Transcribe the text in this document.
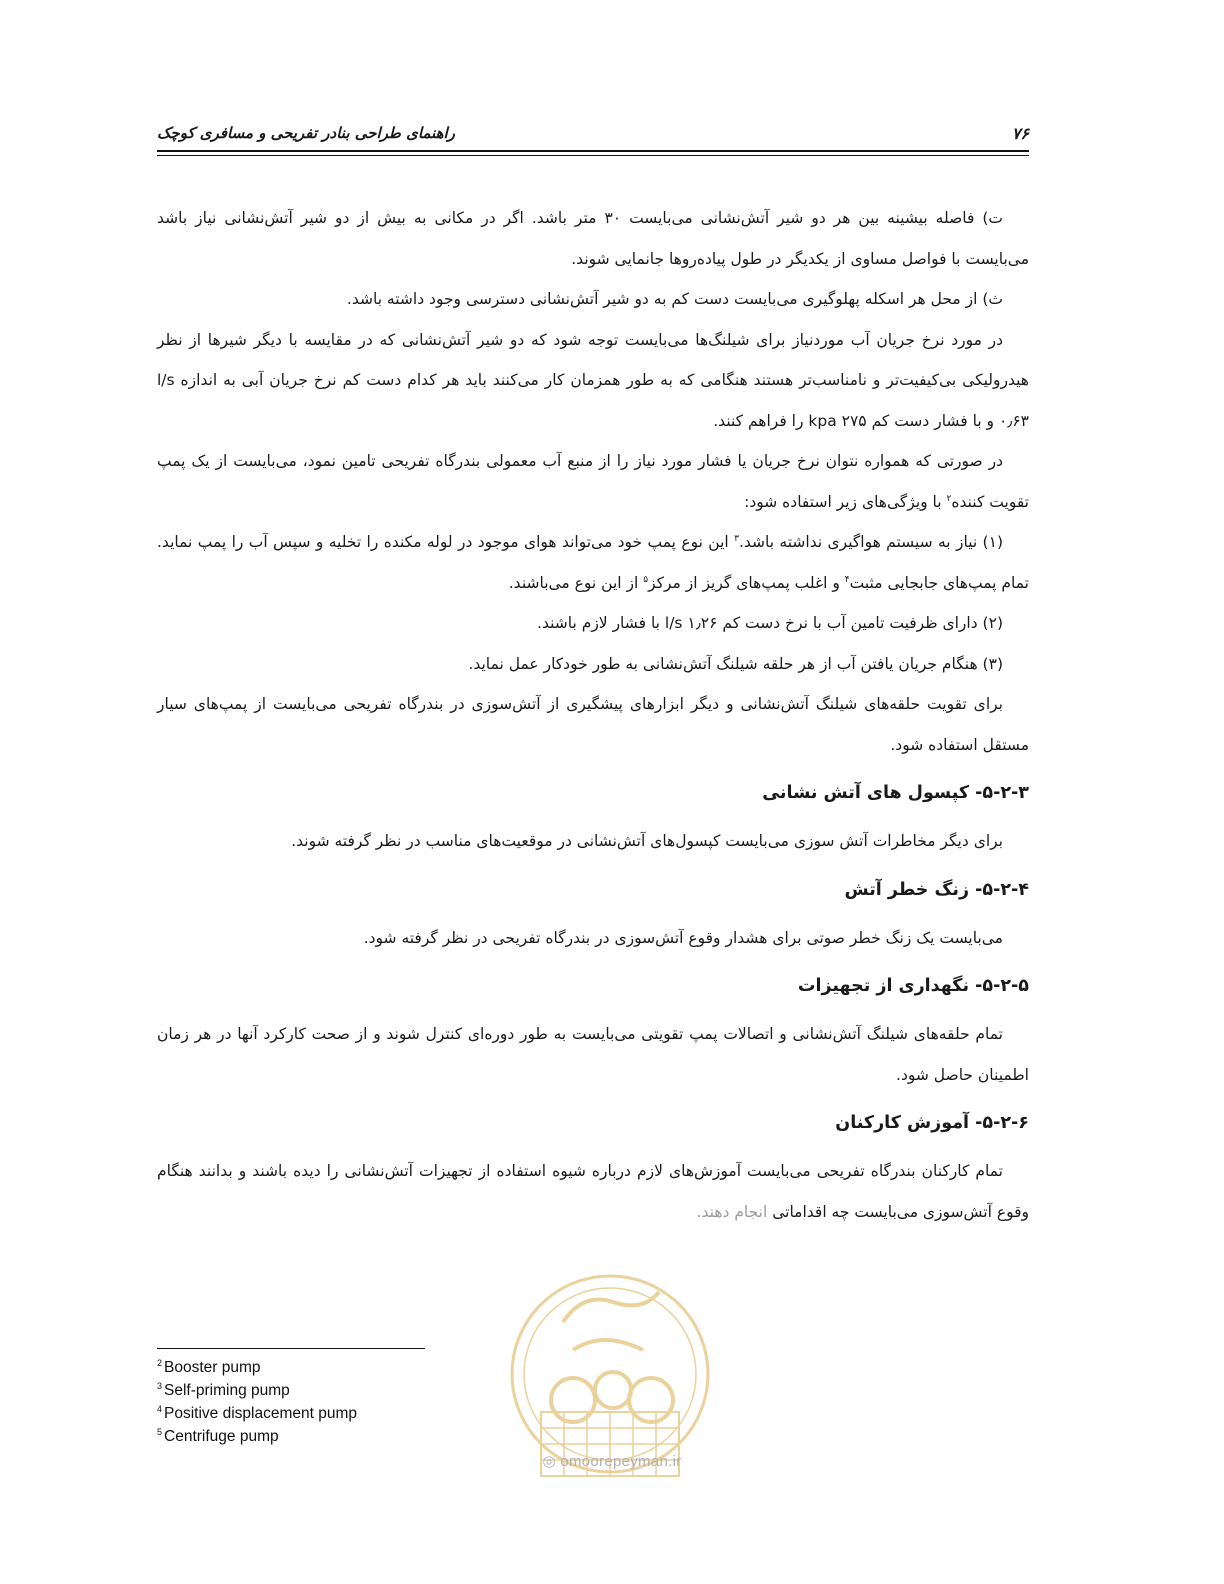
۷۶
راهنمای طراحی بنادر تفریحی و مسافری کوچک

ت) فاصله بیشینه بین هر دو شیر آتش‌نشانی می‌بایست ۳۰ متر باشد. اگر در مکانی به بیش از دو شیر آتش‌نشانی نیاز باشد می‌بایست با فواصل مساوی از یکدیگر در طول پیاده‌روها جانمایی شوند.

ث) از محل هر اسکله پهلوگیری می‌بایست دست کم به دو شیر آتش‌نشانی دسترسی وجود داشته باشد.

در مورد نرخ جریان آب موردنیاز برای شیلنگ‌ها می‌بایست توجه شود که دو شیر آتش‌نشانی که در مقایسه با دیگر شیرها از نظر هیدرولیکی بی‌کیفیت‌تر و نامناسب‌تر هستند هنگامی که به طور همزمان کار می‌کنند باید هر کدام دست کم نرخ جریان آبی به اندازه l/s ۰٫۶۳ و با فشار دست کم ۲۷۵ kpa را فراهم کنند.

در صورتی که همواره نتوان نرخ جریان یا فشار مورد نیاز را از منبع آب معمولی بندرگاه تفریحی تامین نمود، می‌بایست از یک پمپ تقویت کننده$^۲$ با ویژگی‌های زیر استفاده شود:

(۱) نیاز به سیستم هواگیری نداشته باشد.$^۳$ این نوع پمپ خود می‌تواند هوای موجود در لوله مکنده را تخلیه و سپس آب را پمپ نماید. تمام پمپ‌های جابجایی مثبت$^۴$ و اغلب پمپ‌های گریز از مرکز$^۵$ از این نوع می‌باشند.

(۲) دارای ظرفیت تامین آب با نرخ دست کم l/s ۱٫۲۶ با فشار لازم باشند.

(۳) هنگام جریان یافتن آب از هر حلقه شیلنگ آتش‌نشانی به طور خودکار عمل نماید.

برای تقویت حلقه‌های شیلنگ آتش‌نشانی و دیگر ابزارهای پیشگیری از آتش‌سوزی در بندرگاه تفریحی می‌بایست از پمپ‌های سیار مستقل استفاده شود.

۵-۲-۳- کپسول های آتش نشانی

برای دیگر مخاطرات آتش سوزی می‌بایست کپسول‌های آتش‌نشانی در موقعیت‌های مناسب در نظر گرفته شوند.

۵-۲-۴- زنگ خطر آتش

می‌بایست یک زنگ خطر صوتی برای هشدار وقوع آتش‌سوزی در بندرگاه تفریحی در نظر گرفته شود.

۵-۲-۵- نگهداری از تجهیزات

تمام حلقه‌های شیلنگ آتش‌نشانی و اتصالات پمپ تقویتی می‌بایست به طور دوره‌ای کنترل شوند و از صحت کارکرد آنها در هر زمان اطمینان حاصل شود.

۵-۲-۶- آموزش کارکنان

تمام کارکنان بندرگاه تفریحی می‌بایست آموزش‌های لازم درباره شیوه استفاده از تجهیزات آتش‌نشانی را دیده باشند و بدانند هنگام وقوع آتش‌سوزی می‌بایست چه اقداماتی انجام دهند.

$^2$ Booster pump
$^3$ Self-priming pump
$^4$ Positive displacement pump
$^5$ Centrifuge pump
◎ omoorepeyman.ir
